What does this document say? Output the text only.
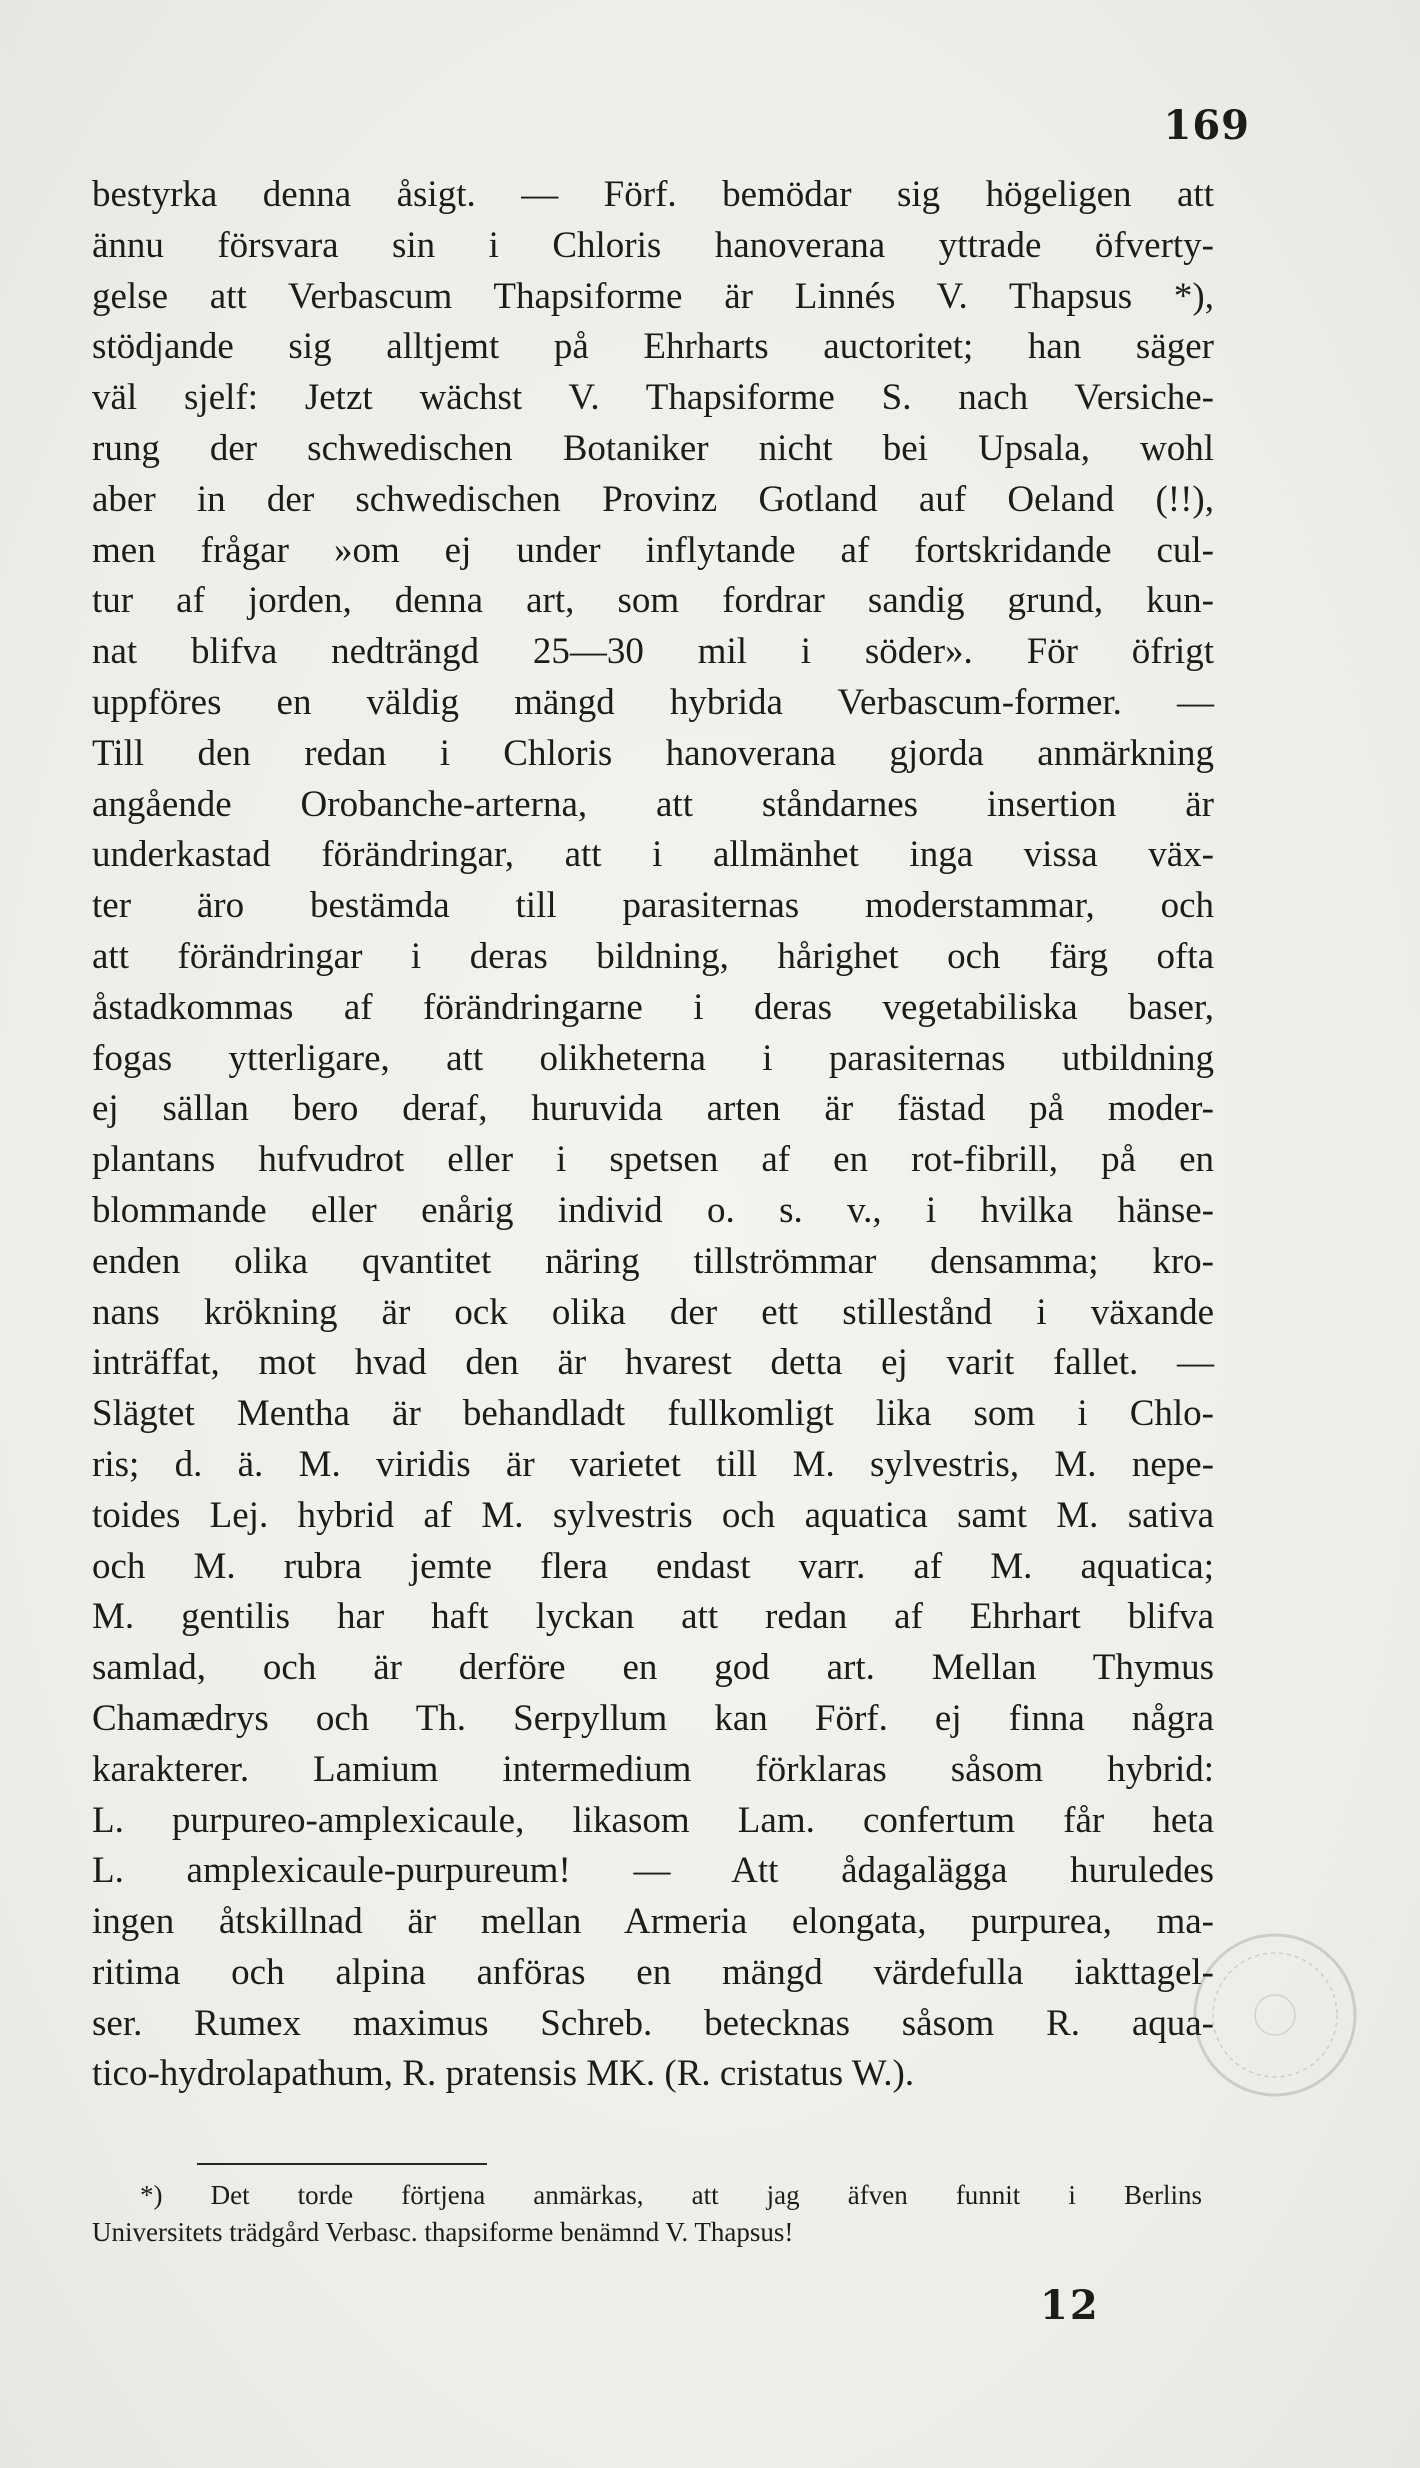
169
bestyrka denna åsigt. — Förf. bemödar sig högeligen att
ännu försvara sin i Chloris hanoverana yttrade öfverty-
gelse att Verbascum Thapsiforme är Linnés V. Thapsus *),
stödjande sig alltjemt på Ehrharts auctoritet; han säger
väl sjelf: Jetzt wächst V. Thapsiforme S. nach Versiche-
rung der schwedischen Botaniker nicht bei Upsala, wohl
aber in der schwedischen Provinz Gotland auf Oeland (!!),
men frågar »om ej under inflytande af fortskridande cul-
tur af jorden, denna art, som fordrar sandig grund, kun-
nat blifva nedträngd 25—30 mil i söder». För öfrigt
uppföres en väldig mängd hybrida Verbascum-former. —
Till den redan i Chloris hanoverana gjorda anmärkning
angående Orobanche-arterna, att ståndarnes insertion är
underkastad förändringar, att i allmänhet inga vissa väx-
ter äro bestämda till parasiternas moderstammar, och
att förändringar i deras bildning, hårighet och färg ofta
åstadkommas af förändringarne i deras vegetabiliska baser,
fogas ytterligare, att olikheterna i parasiternas utbildning
ej sällan bero deraf, huruvida arten är fästad på moder-
plantans hufvudrot eller i spetsen af en rot-fibrill, på en
blommande eller enårig individ o. s. v., i hvilka hänse-
enden olika qvantitet näring tillströmmar densamma; kro-
nans krökning är ock olika der ett stillestånd i växande
inträffat, mot hvad den är hvarest detta ej varit fallet. —
Slägtet Mentha är behandladt fullkomligt lika som i Chlo-
ris; d. ä. M. viridis är varietet till M. sylvestris, M. nepe-
toides Lej. hybrid af M. sylvestris och aquatica samt M. sativa
och M. rubra jemte flera endast varr. af M. aquatica;
M. gentilis har haft lyckan att redan af Ehrhart blifva
samlad, och är derföre en god art. Mellan Thymus
Chamædrys och Th. Serpyllum kan Förf. ej finna några
karakterer. Lamium intermedium förklaras såsom hybrid:
L. purpureo-amplexicaule, likasom Lam. confertum får heta
L. amplexicaule-purpureum! — Att ådagalägga huruledes
ingen åtskillnad är mellan Armeria elongata, purpurea, ma-
ritima och alpina anföras en mängd värdefulla iakttagel-
ser. Rumex maximus Schreb. betecknas såsom R. aqua-
tico-hydrolapathum, R. pratensis MK. (R. cristatus W.).
*) Det torde förtjena anmärkas, att jag äfven funnit i Berlins
Universitets trädgård Verbasc. thapsiforme benämnd V. Thapsus!
12
